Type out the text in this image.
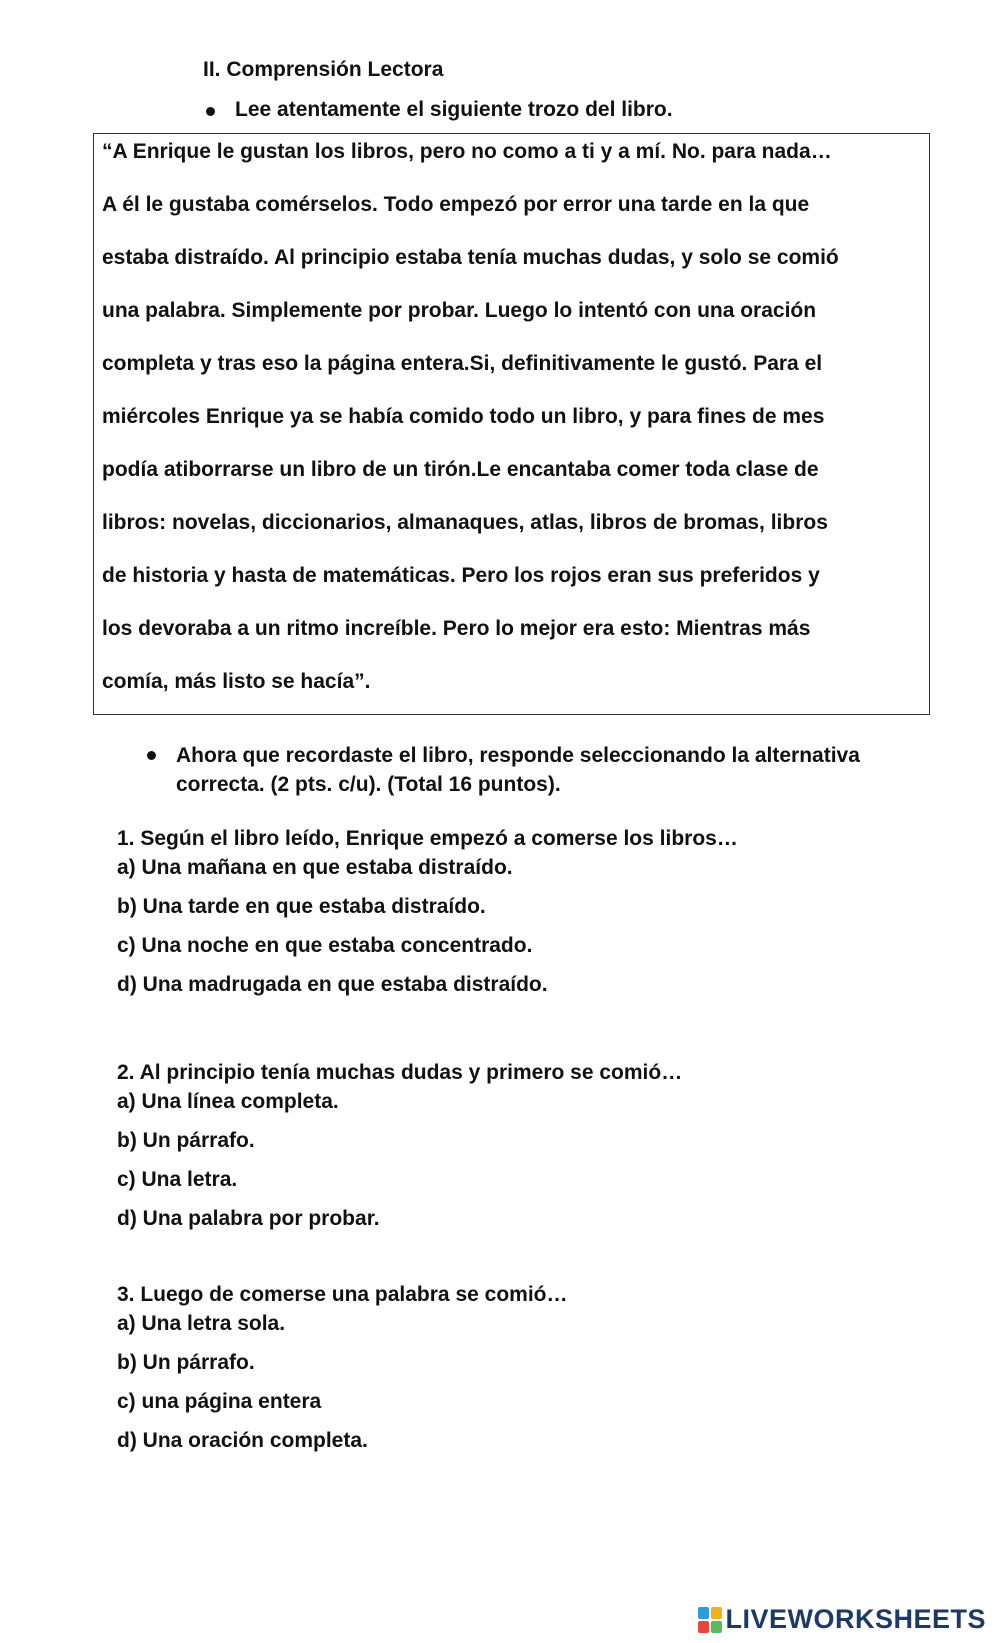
II. Comprensión Lectora
Lee atentamente el siguiente trozo del libro.
“A Enrique le gustan los libros, pero no como a ti y a mí. No. para nada…
A él le gustaba comérselos. Todo empezó por error una tarde en la que
estaba distraído. Al principio estaba tenía muchas dudas, y solo se comió
una palabra. Simplemente por probar. Luego lo intentó con una oración
completa y tras eso la página entera.Si, definitivamente le gustó. Para el
miércoles Enrique ya se había comido todo un libro, y para fines de mes
podía atiborrarse un libro de un tirón.Le encantaba comer toda clase de
libros: novelas, diccionarios, almanaques, atlas, libros de bromas, libros
de historia y hasta de matemáticas. Pero los rojos eran sus preferidos y
los devoraba a un ritmo increíble. Pero lo mejor era esto: Mientras más
comía, más listo se hacía”.
Ahora que recordaste el libro, responde seleccionando la alternativa correcta. (2 pts. c/u). (Total 16 puntos).
1. Según el libro leído, Enrique empezó a comerse los libros…
a) Una mañana en que estaba distraído.
b) Una tarde en que estaba distraído.
c) Una noche en que estaba concentrado.
d) Una madrugada en que estaba distraído.
2. Al principio tenía muchas dudas y primero se comió…
a) Una línea completa.
b) Un párrafo.
c) Una letra.
d) Una palabra por probar.
3. Luego de comerse una palabra se comió…
a) Una letra sola.
b) Un párrafo.
c) una página entera
d) Una oración completa.
LIVEWORKSHEETS
